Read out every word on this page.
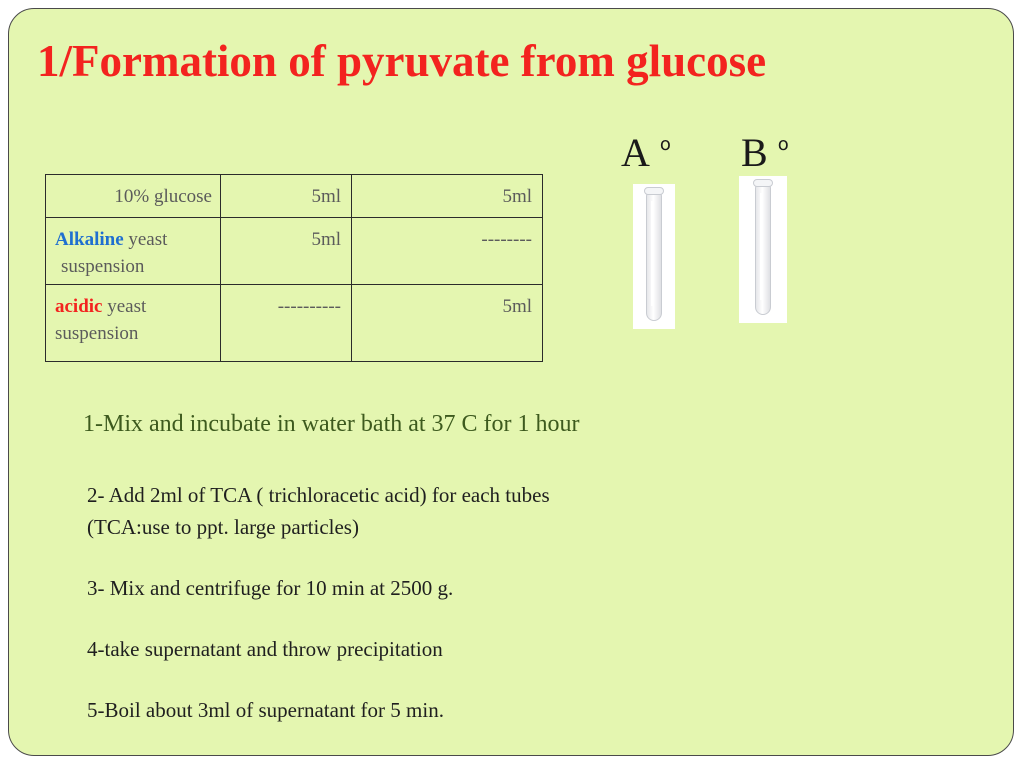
1/Formation of pyruvate from glucose
A $^o$ B $^o$
10% glucose	5ml	5ml
Alkaline yeast
suspension	5ml	--------
acidic yeast
suspension	----------	5ml
1-Mix and incubate in water bath at 37 C for 1 hour
2- Add 2ml of TCA ( trichloracetic acid) for each tubes (TCA:use to ppt. large particles)
3- Mix and centrifuge for 10 min at 2500 g.
4-take supernatant and throw precipitation
5-Boil about 3ml of supernatant for 5 min.
